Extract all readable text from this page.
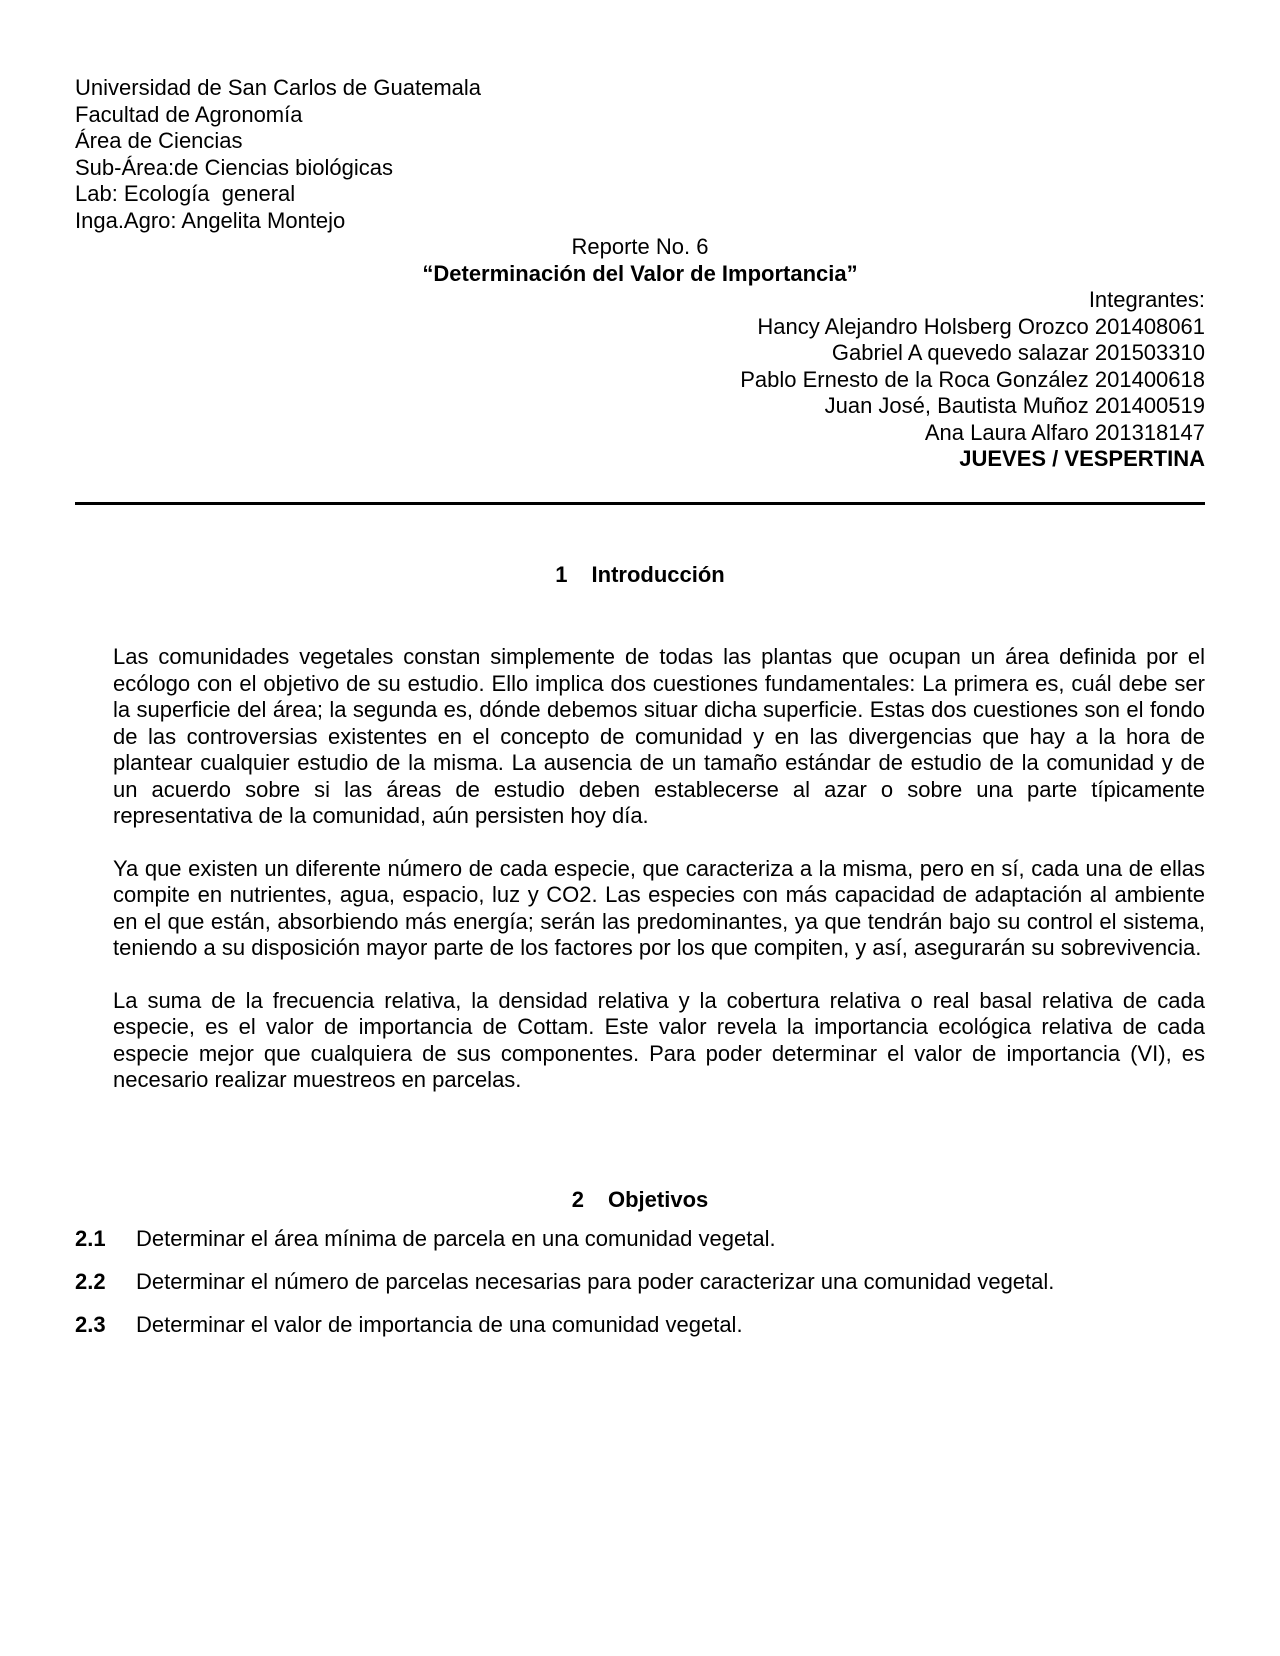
Universidad de San Carlos de Guatemala
Facultad de Agronomía
Área de Ciencias
Sub-Área:de Ciencias biológicas
Lab: Ecología  general
Inga.Agro: Angelita Montejo
Reporte No. 6
“Determinación del Valor de Importancia”
Integrantes:
Hancy Alejandro Holsberg Orozco 201408061
Gabriel A quevedo salazar 201503310
Pablo Ernesto de la Roca González 201400618
Juan José, Bautista Muñoz 201400519
Ana Laura Alfaro 201318147
JUEVES / VESPERTINA
1 Introducción

Las comunidades vegetales constan simplemente de todas las plantas que ocupan un área definida por el ecólogo con el objetivo de su estudio. Ello implica dos cuestiones fundamentales: La primera es, cuál debe ser la superficie del área; la segunda es, dónde debemos situar dicha superficie. Estas dos cuestiones son el fondo de las controversias existentes en el concepto de comunidad y en las divergencias que hay a la hora de plantear cualquier estudio de la misma. La ausencia de un tamaño estándar de estudio de la comunidad y de un acuerdo sobre si las áreas de estudio deben establecerse al azar o sobre una parte típicamente representativa de la comunidad, aún persisten hoy día.

Ya que existen un diferente número de cada especie, que caracteriza a la misma, pero en sí, cada una de ellas compite en nutrientes, agua, espacio, luz y CO2. Las especies con más capacidad de adaptación al ambiente en el que están, absorbiendo más energía; serán las predominantes, ya que tendrán bajo su control el sistema, teniendo a su disposición mayor parte de los factores por los que compiten, y así, asegurarán su sobrevivencia.

La suma de la frecuencia relativa, la densidad relativa y la cobertura relativa o real basal relativa de cada especie, es el valor de importancia de Cottam. Este valor revela la importancia ecológica relativa de cada especie mejor que cualquiera de sus componentes. Para poder determinar el valor de importancia (VI), es necesario realizar muestreos en parcelas.

2 Objetivos
2.1	Determinar el área mínima de parcela en una comunidad vegetal.
2.2	Determinar el número de parcelas necesarias para poder caracterizar una comunidad vegetal.
2.3	Determinar el valor de importancia de una comunidad vegetal.
